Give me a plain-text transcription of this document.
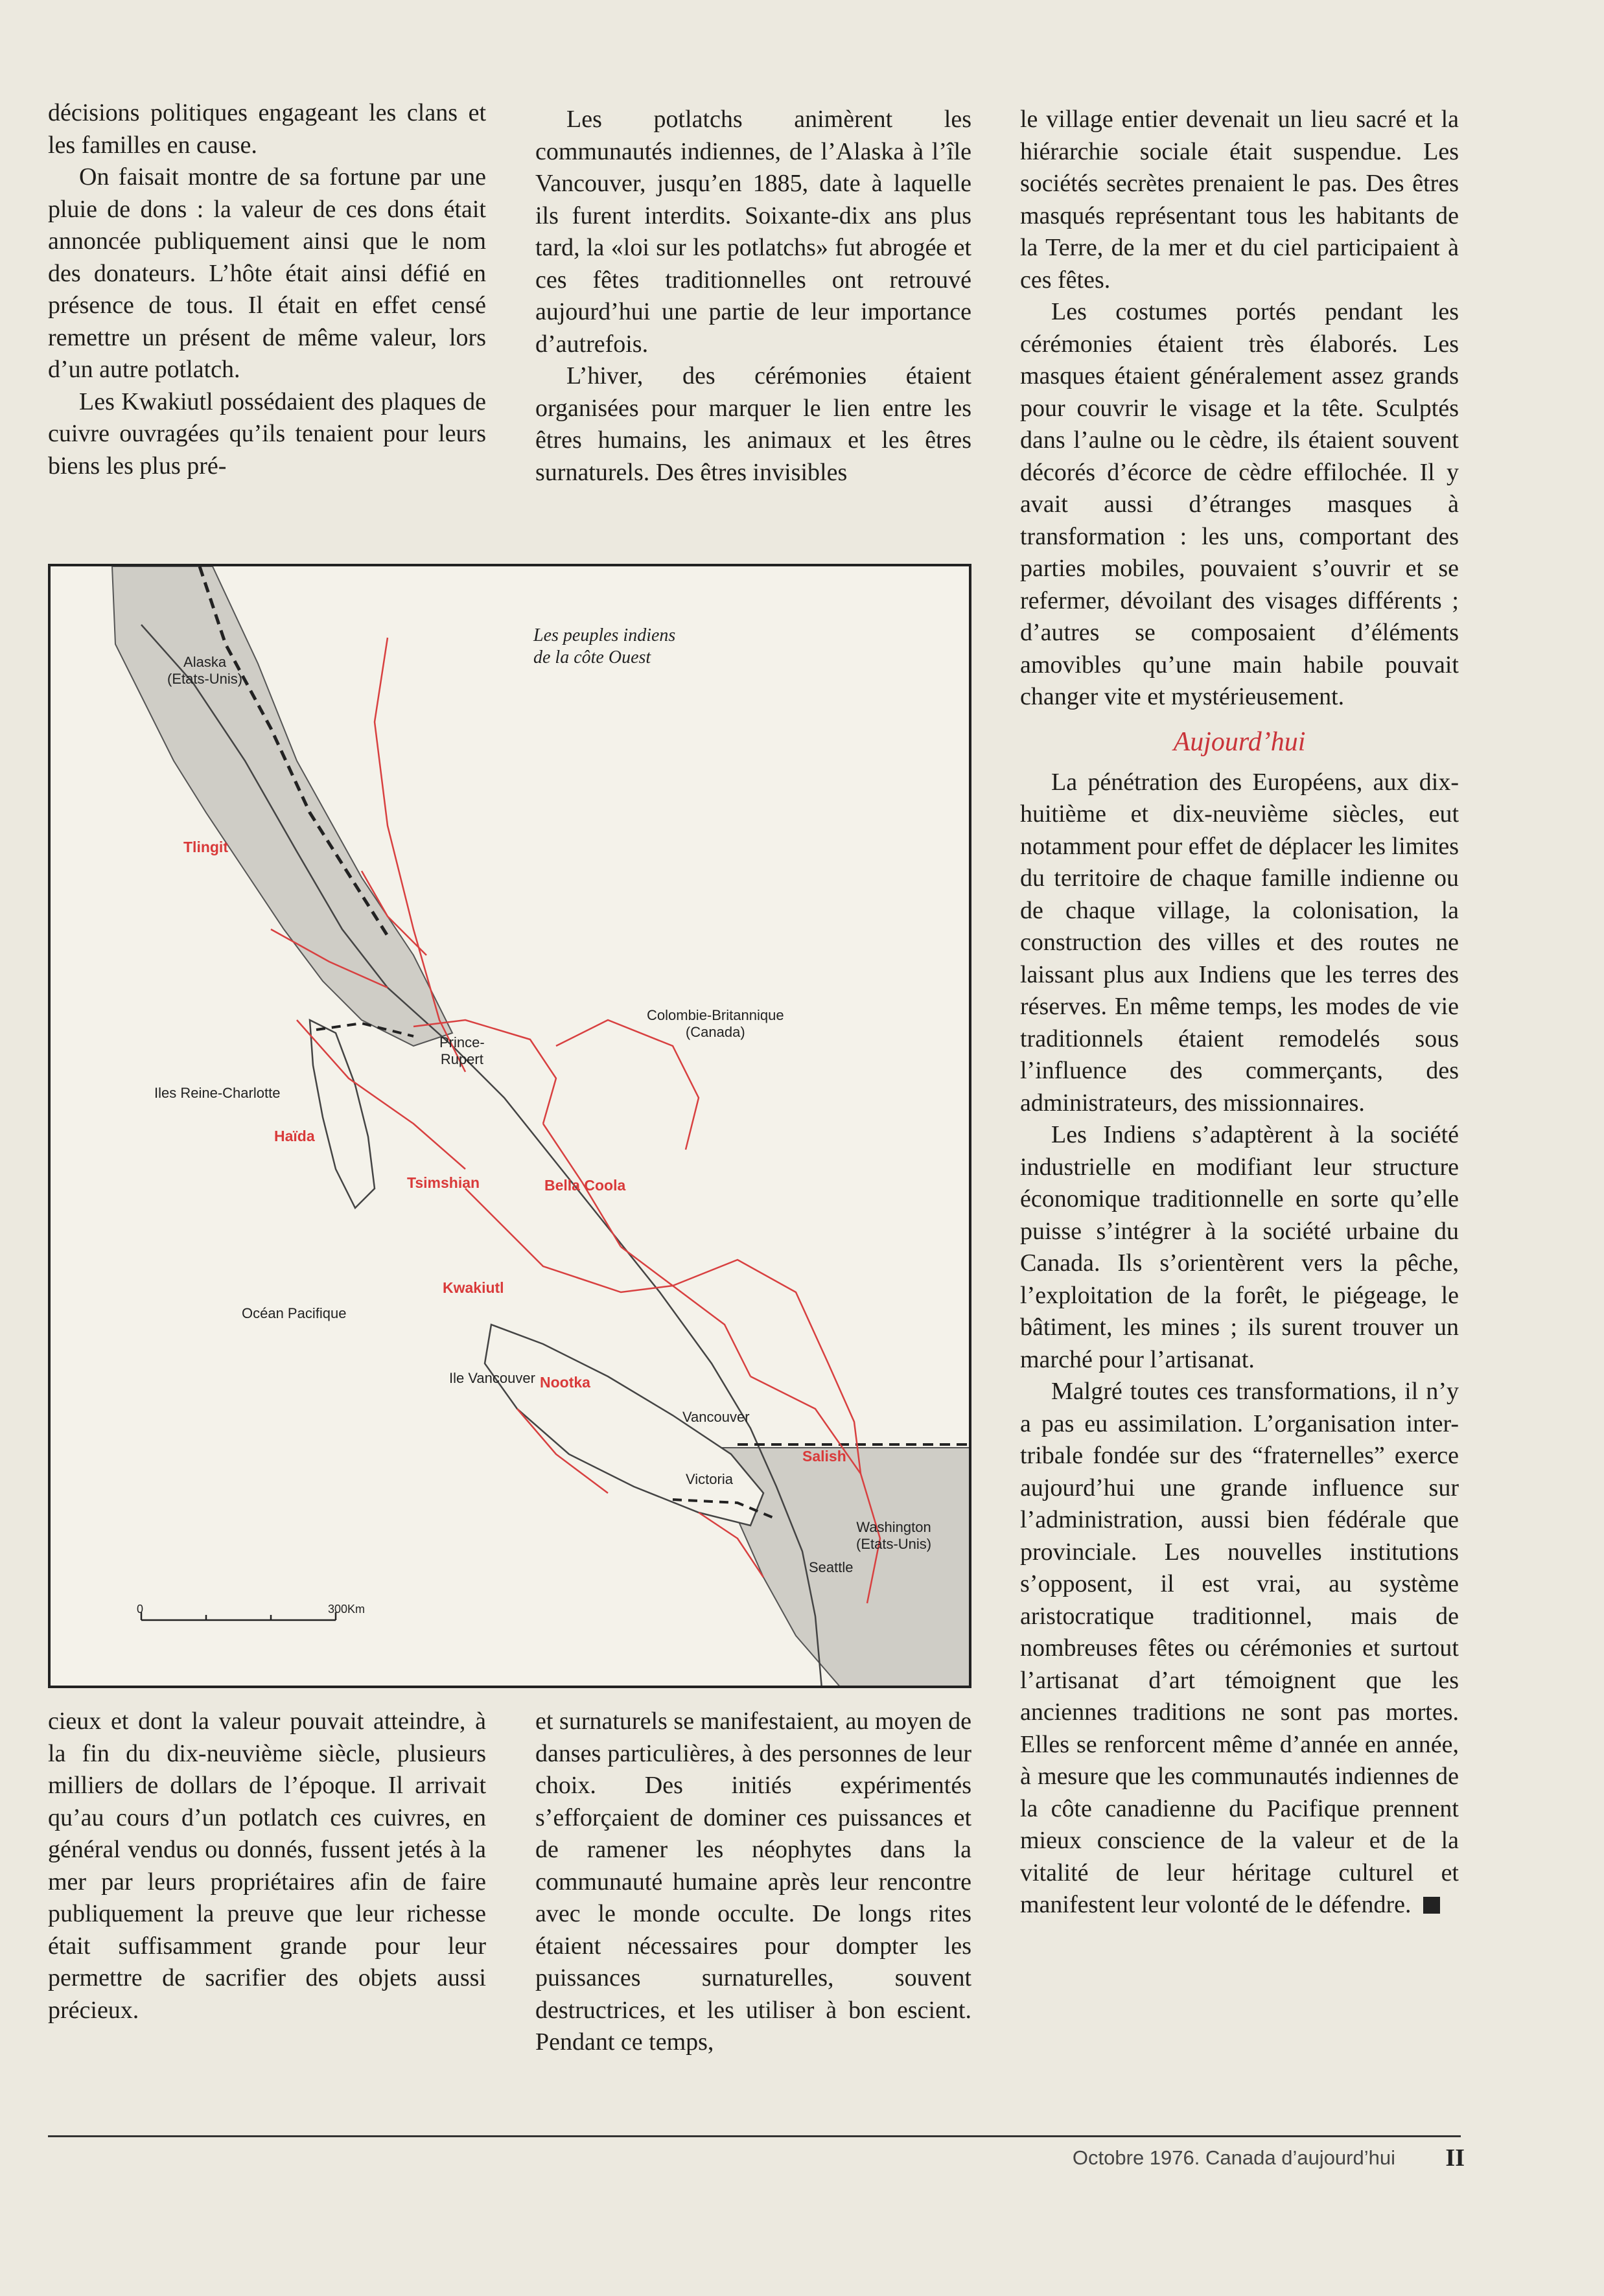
décisions politiques engageant les clans et les familles en cause.

On faisait montre de sa fortune par une pluie de dons : la valeur de ces dons était annoncée publiquement ainsi que le nom des donateurs. L’hôte était ainsi défié en présence de tous. Il était en effet censé remettre un présent de même valeur, lors d’un autre potlatch.

Les Kwakiutl possédaient des plaques de cuivre ouvragées qu’ils tenaient pour leurs biens les plus pré-

Les potlatchs animèrent les communautés indiennes, de l’Alaska à l’île Vancouver, jusqu’en 1885, date à laquelle ils furent interdits. Soixante-dix ans plus tard, la «loi sur les potlatchs» fut abrogée et ces fêtes traditionnelles ont retrouvé aujourd’hui une partie de leur importance d’autrefois.

L’hiver, des cérémonies étaient organisées pour marquer le lien entre les êtres humains, les animaux et les êtres surnaturels. Des êtres invisibles

le village entier devenait un lieu sacré et la hiérarchie sociale était suspendue. Les sociétés secrètes prenaient le pas. Des êtres masqués représentant tous les habitants de la Terre, de la mer et du ciel participaient à ces fêtes.

Les costumes portés pendant les cérémonies étaient très élaborés. Les masques étaient généralement assez grands pour couvrir le visage et la tête. Sculptés dans l’aulne ou le cèdre, ils étaient souvent décorés d’écorce de cèdre effilochée. Il y avait aussi d’étranges masques à transformation : les uns, comportant des parties mobiles, pouvaient s’ouvrir et se refermer, dévoilant des visages différents ; d’autres se composaient d’éléments amovibles qu’une main habile pouvait changer vite et mystérieusement.

Aujourd’hui

La pénétration des Européens, aux dix-huitième et dix-neuvième siècles, eut notamment pour effet de déplacer les limites du territoire de chaque famille indienne ou de chaque village, la colonisation, la construction des villes et des routes ne laissant plus aux Indiens que les terres des réserves. En même temps, les modes de vie traditionnels étaient remodelés sous l’influence des commerçants, des administrateurs, des missionnaires.

Les Indiens s’adaptèrent à la société industrielle en modifiant leur structure économique traditionnelle en sorte qu’elle puisse s’intégrer à la société urbaine du Canada. Ils s’orientèrent vers la pêche, l’exploitation de la forêt, le piégeage, le bâtiment, les mines ; ils surent trouver un marché pour l’artisanat.

Malgré toutes ces transformations, il n’y a pas eu assimilation. L’organisation inter-tribale fondée sur des “fraternelles” exerce aujourd’hui une grande influence sur l’administration, aussi bien fédérale que provinciale. Les nouvelles institutions s’opposent, il est vrai, au système aristocratique traditionnel, mais de nombreuses fêtes ou cérémonies et surtout l’artisanat d’art témoignent que les anciennes traditions ne sont pas mortes. Elles se renforcent même d’année en année, à mesure que les communautés indiennes de la côte canadienne du Pacifique prennent mieux conscience de la valeur et de la vitalité de leur héritage culturel et manifestent leur volonté de le défendre.

Les peuples indiens
de la côte Ouest
Alaska
(Etats-Unis)
Colombie-Britannique
(Canada)
Prince-
Rupert
Iles Reine-Charlotte
Océan Pacifique
Ile Vancouver
Vancouver
Victoria
Washington
(Etats-Unis)
Seattle
Tlingit
Haïda
Tsimshian	Bella Coola
Kwakiutl
Nootka
Salish
0	300Km

cieux et dont la valeur pouvait atteindre, à la fin du dix-neuvième siècle, plusieurs milliers de dollars de l’époque. Il arrivait qu’au cours d’un potlatch ces cuivres, en général vendus ou donnés, fussent jetés à la mer par leurs propriétaires afin de faire publiquement la preuve que leur richesse était suffisamment grande pour leur permettre de sacrifier des objets aussi précieux.

et surnaturels se manifestaient, au moyen de danses particulières, à des personnes de leur choix. Des initiés expérimentés s’efforçaient de dominer ces puissances et de ramener les néophytes dans la communauté humaine après leur rencontre avec le monde occulte. De longs rites étaient nécessaires pour dompter les puissances surnaturelles, souvent destructrices, et les utiliser à bon escient. Pendant ce temps,

Octobre 1976. Canada d’aujourd’hui II
